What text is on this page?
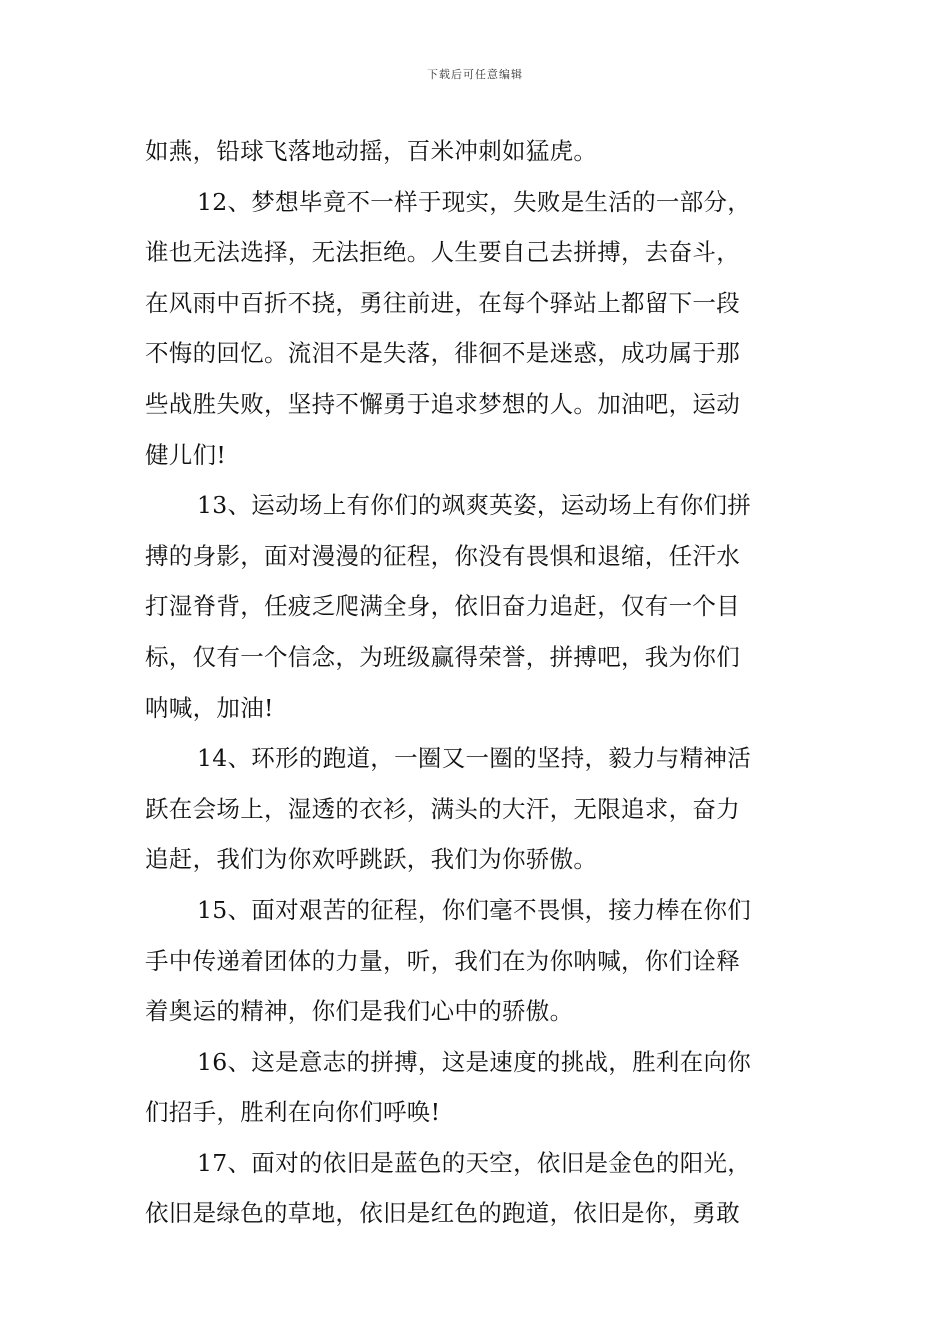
下载后可任意编辑
如燕，铅球飞落地动摇，百米冲刺如猛虎。
12、梦想毕竟不一样于现实，失败是生活的一部分，
谁也无法选择，无法拒绝。人生要自己去拼搏，去奋斗，
在风雨中百折不挠，勇往前进，在每个驿站上都留下一段
不悔的回忆。流泪不是失落，徘徊不是迷惑，成功属于那
些战胜失败，坚持不懈勇于追求梦想的人。加油吧，运动
健儿们!
13、运动场上有你们的飒爽英姿，运动场上有你们拼
搏的身影，面对漫漫的征程，你没有畏惧和退缩，任汗水
打湿脊背，任疲乏爬满全身，依旧奋力追赶，仅有一个目
标，仅有一个信念，为班级赢得荣誉，拼搏吧，我为你们
呐喊，加油!
14、环形的跑道，一圈又一圈的坚持，毅力与精神活
跃在会场上，湿透的衣衫，满头的大汗，无限追求，奋力
追赶，我们为你欢呼跳跃，我们为你骄傲。
15、面对艰苦的征程，你们毫不畏惧，接力棒在你们
手中传递着团体的力量，听，我们在为你呐喊，你们诠释
着奥运的精神，你们是我们心中的骄傲。
16、这是意志的拼搏，这是速度的挑战，胜利在向你
们招手，胜利在向你们呼唤!
17、面对的依旧是蓝色的天空，依旧是金色的阳光，
依旧是绿色的草地，依旧是红色的跑道，依旧是你，勇敢
